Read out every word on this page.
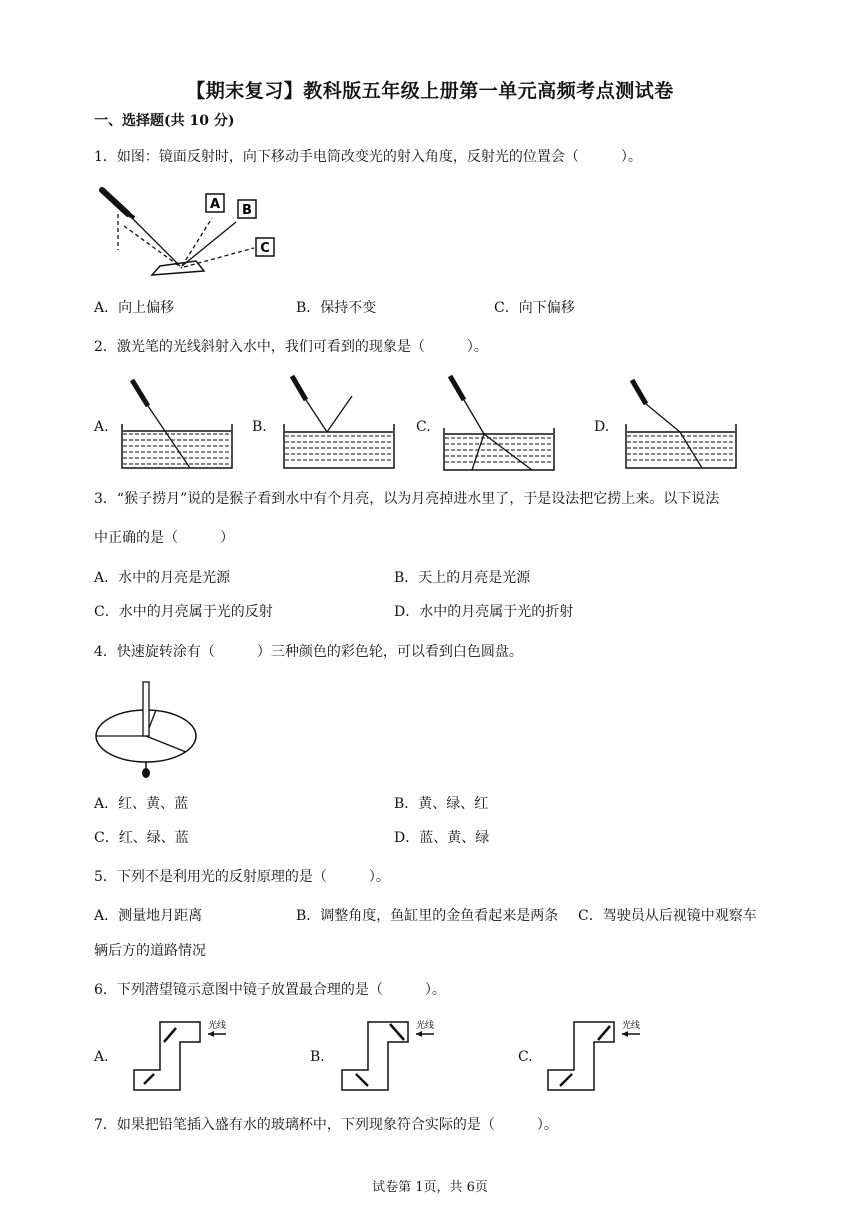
【期末复习】教科版五年级上册第一单元高频考点测试卷
一、选择题(共 10 分)
1．如图：镜面反射时，向下移动手电筒改变光的射入角度，反射光的位置会（　　　）。
A B
C
A．向上偏移	B．保持不变	C．向下偏移
2．激光笔的光线斜射入水中，我们可看到的现象是（　　　）。
A.	B.	C.	D.
3．“猴子捞月”说的是猴子看到水中有个月亮，以为月亮掉进水里了，于是设法把它捞上来。以下说法
中正确的是（　　　）
A．水中的月亮是光源	B．天上的月亮是光源
C．水中的月亮属于光的反射	D．水中的月亮属于光的折射
4．快速旋转涂有（　　　）三种颜色的彩色轮，可以看到白色圆盘。
A．红、黄、蓝	B．黄、绿、红
C．红、绿、蓝	D．蓝、黄、绿
5．下列不是利用光的反射原理的是（　　　）。
A．测量地月距离	B．调整角度，鱼缸里的金鱼看起来是两条 C．驾驶员从后视镜中观察车
辆后方的道路情况
6．下列潜望镜示意图中镜子放置最合理的是（　　　）。
A.	B.	C.
光线	光线	光线
7．如果把铅笔插入盛有水的玻璃杯中，下列现象符合实际的是（　　　）。
试卷第 1页，共 6页
